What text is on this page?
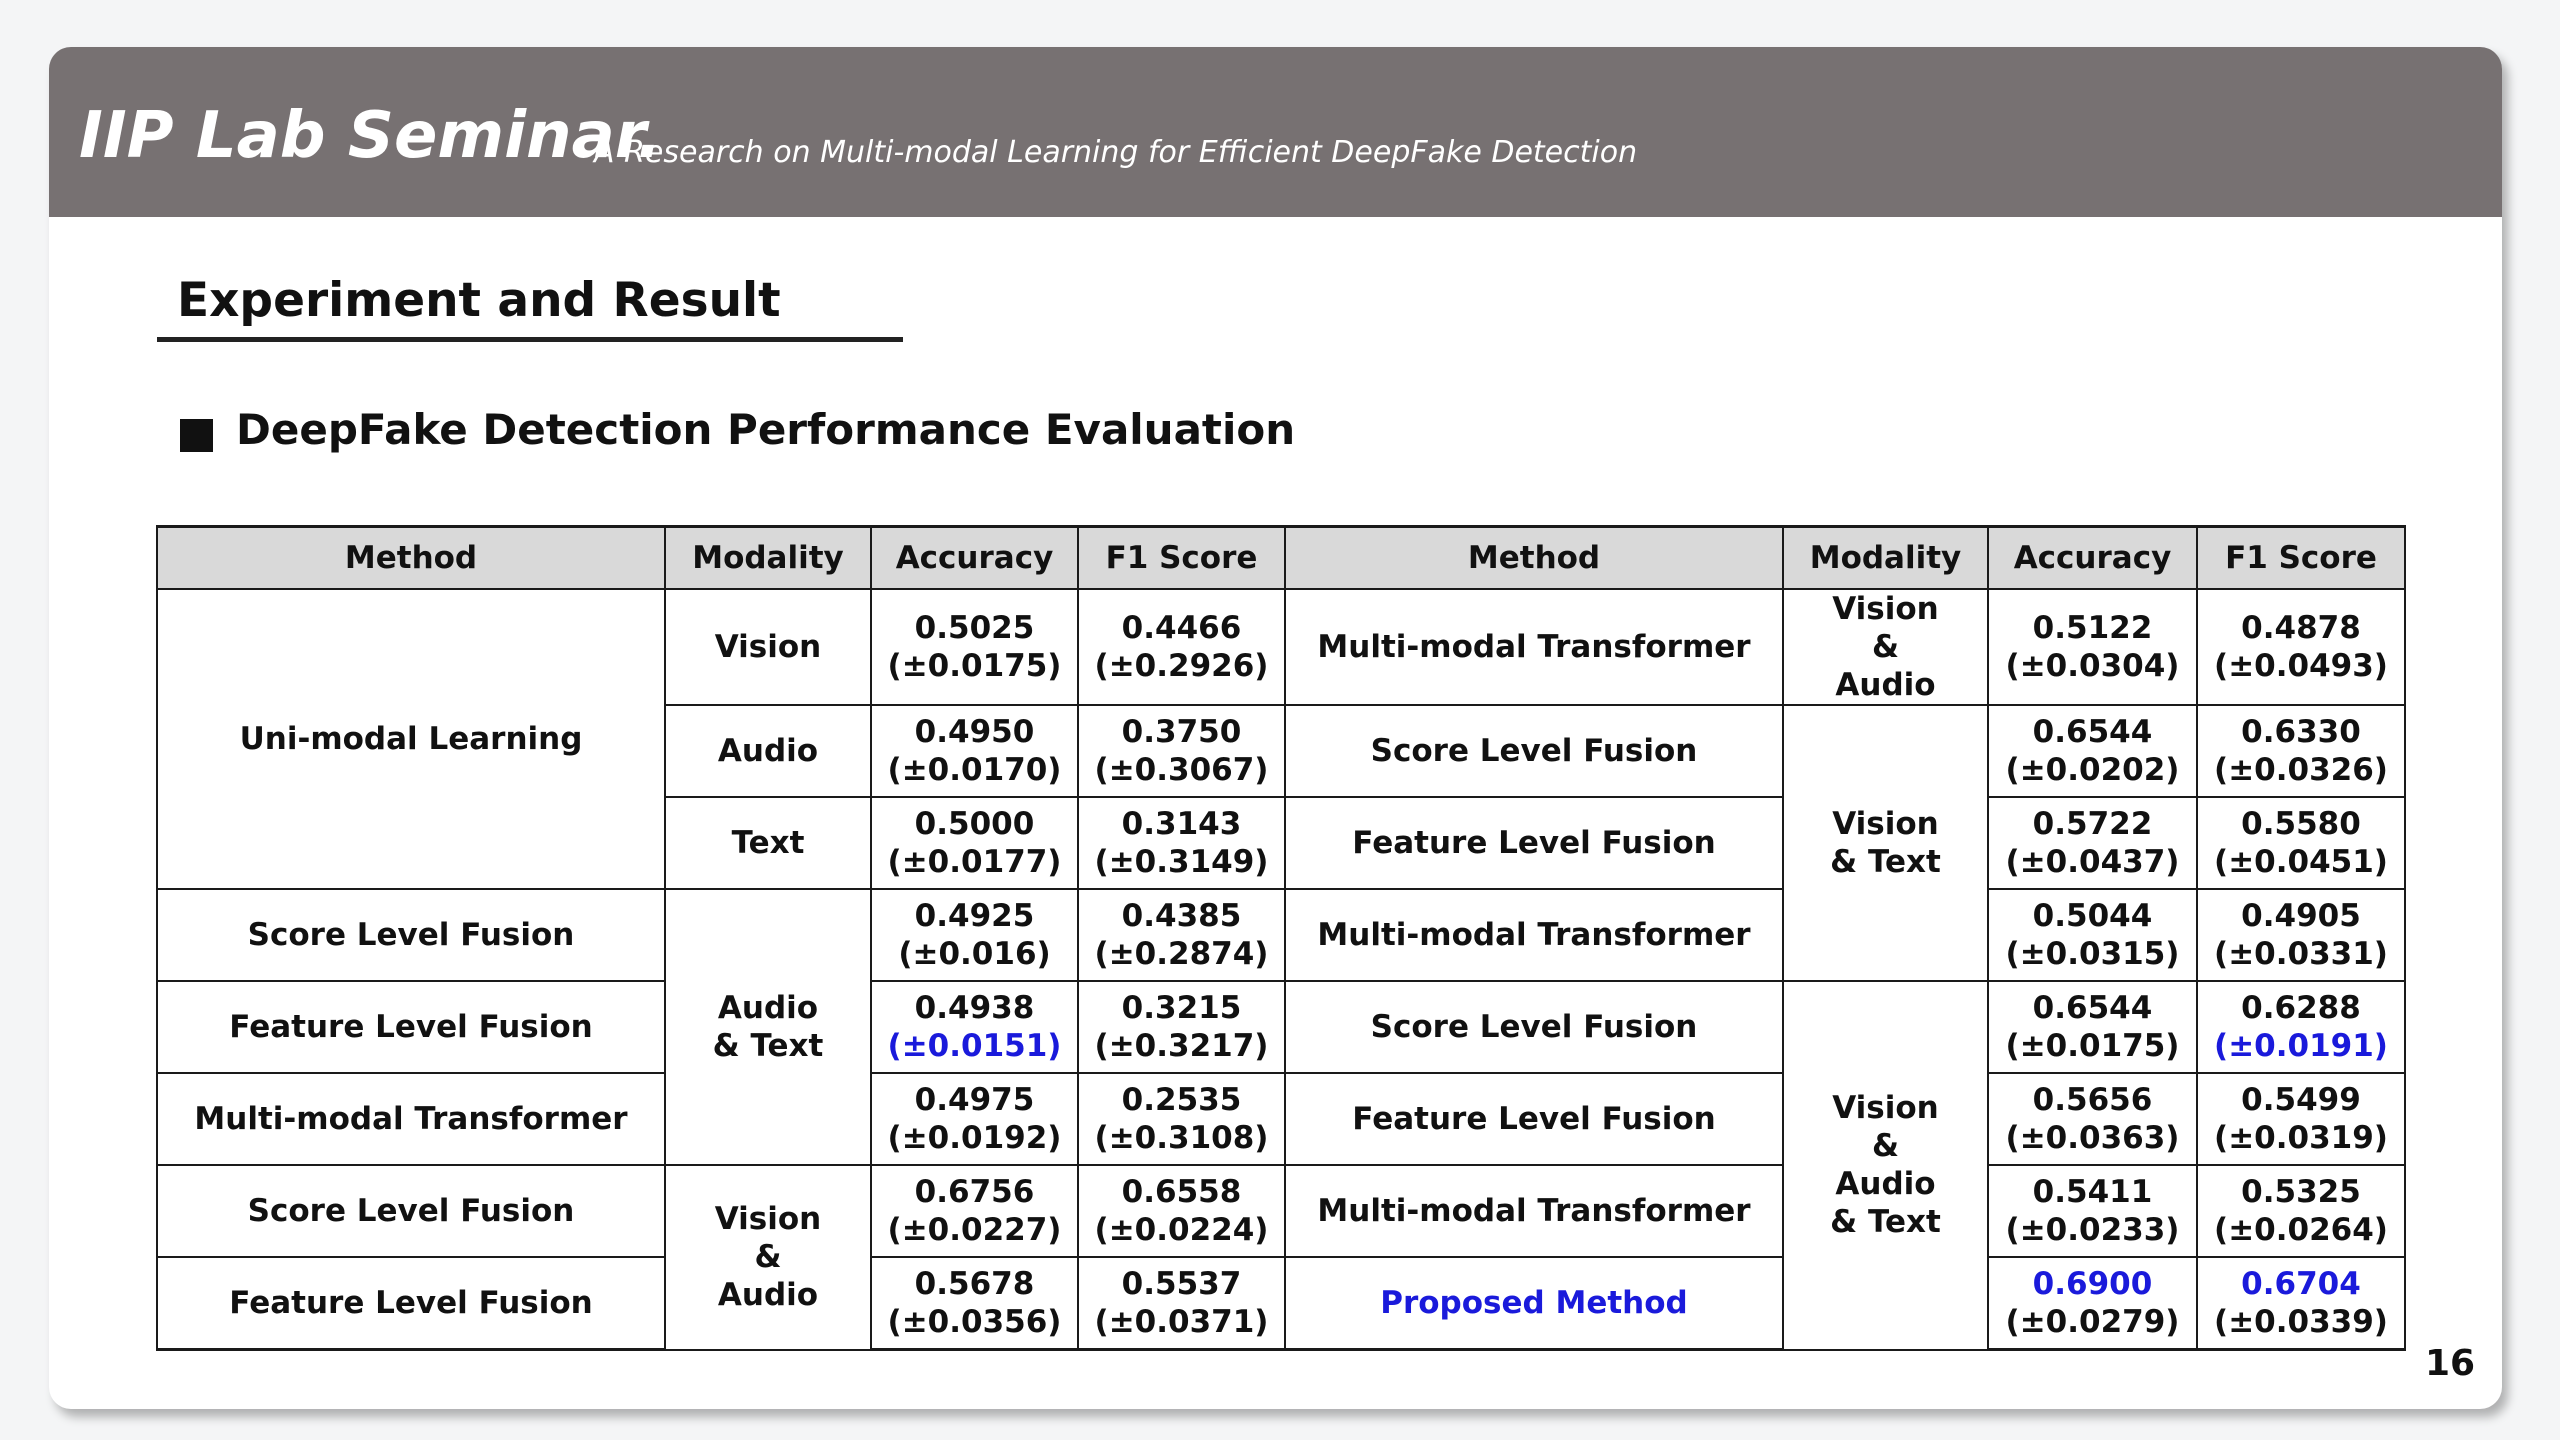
IIP Lab Seminar.
A Research on Multi-modal Learning for Efficient DeepFake Detection
Experiment and Result
DeepFake Detection Performance Evaluation
Method	Modality	Accuracy	F1 Score	Method	Modality	Accuracy	F1 Score
Uni-modal Learning	Vision	0.5025
(±0.0175)	0.4466
(±0.2926)	Multi-modal Transformer	Vision & Audio	0.5122
(±0.0304)	0.4878
(±0.0493)

	Audio	0.4950
(±0.0170)	0.3750
(±0.3067)	Score Level Fusion	Vision & Text	0.6544
(±0.0202)	0.6330
(±0.0326)

	Text	0.5000
(±0.0177)	0.3143
(±0.3149)	Feature Level Fusion		0.5722
(±0.0437)	0.5580
(±0.0451)

Score Level Fusion	Audio & Text	0.4925
(±0.016)	0.4385
(±0.2874)	Multi-modal Transformer		0.5044
(±0.0315)	0.4905
(±0.0331)

Feature Level Fusion		0.4938
(±0.0151)	0.3215
(±0.3217)	Score Level Fusion	Vision & Audio & Text	0.6544
(±0.0175)	0.6288
(±0.0191)

Multi-modal Transformer		0.4975
(±0.0192)	0.2535
(±0.3108)	Feature Level Fusion		0.5656
(±0.0363)	0.5499
(±0.0319)

Score Level Fusion	Vision & Audio	0.6756
(±0.0227)	0.6558
(±0.0224)	Multi-modal Transformer		0.5411
(±0.0233)	0.5325
(±0.0264)

Feature Level Fusion		0.5678
(±0.0356)	0.5537
(±0.0371)	Proposed Method		0.6900
(±0.0279)	0.6704
(±0.0339)
16
